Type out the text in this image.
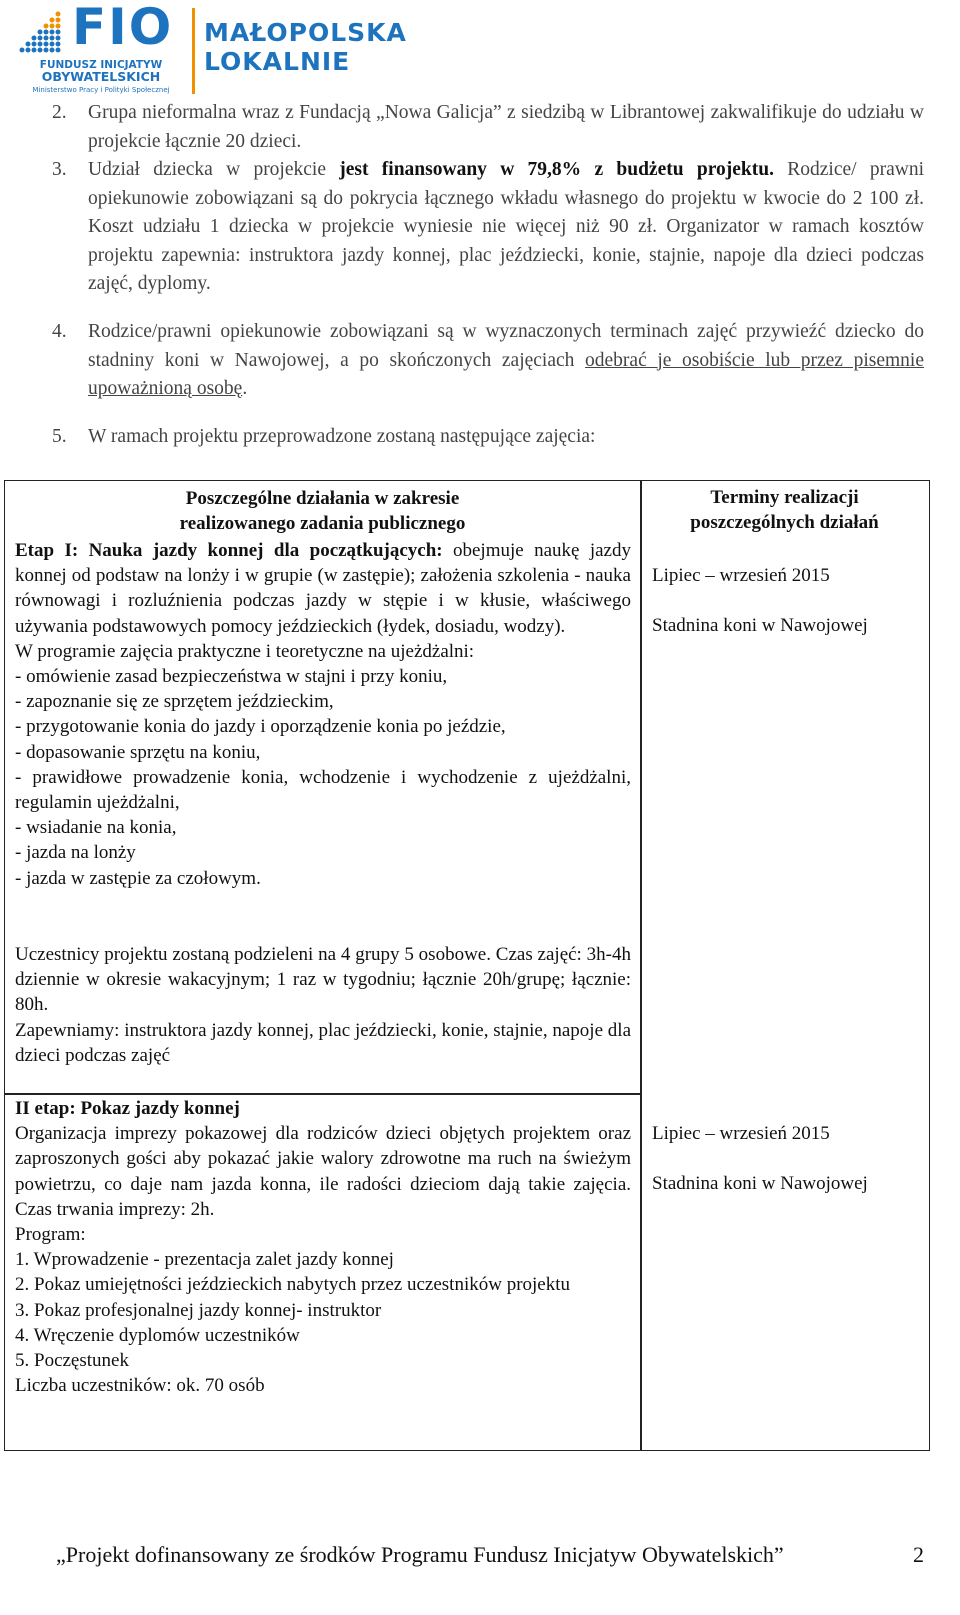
FIO
FUNDUSZ INICJATYW
OBYWATELSKICH
Ministerstwo Pracy i Polityki Społecznej
MAŁOPOLSKA
LOKALNIE
2. Grupa nieformalna wraz z Fundacją „Nowa Galicja” z siedzibą w Librantowej zakwalifikuje do udziału w projekcie łącznie 20 dzieci.
3. Udział dziecka w projekcie jest finansowany w 79,8% z budżetu projektu. Rodzice/ prawni opiekunowie zobowiązani są do pokrycia łącznego wkładu własnego do projektu w kwocie do 2 100 zł. Koszt udziału 1 dziecka w projekcie wyniesie nie więcej niż 90 zł. Organizator w ramach kosztów projektu zapewnia: instruktora jazdy konnej, plac jeździecki, konie, stajnie, napoje dla dzieci podczas zajęć, dyplomy.
4. Rodzice/prawni opiekunowie zobowiązani są w wyznaczonych terminach zajęć przywieźć dziecko do stadniny koni w Nawojowej, a po skończonych zajęciach odebrać je osobiście lub przez pisemnie upoważnioną osobę.
5. W ramach projektu przeprowadzone zostaną następujące zajęcia:
Poszczególne działania w zakresie
realizowanego zadania publicznego
Terminy realizacji
poszczególnych działań
Etap I: Nauka jazdy konnej dla początkujących: obejmuje naukę jazdy konnej od podstaw na lonży i w grupie (w zastępie); założenia szkolenia - nauka równowagi i rozluźnienia podczas jazdy w stępie i w kłusie, właściwego używania podstawowych pomocy jeździeckich (łydek, dosiadu, wodzy).
W programie zajęcia praktyczne i teoretyczne na ujeżdżalni:
- omówienie zasad bezpieczeństwa w stajni i przy koniu,
- zapoznanie się ze sprzętem jeździeckim,
- przygotowanie konia do jazdy i oporządzenie konia po jeździe,
- dopasowanie sprzętu na koniu,
- prawidłowe prowadzenie konia, wchodzenie i wychodzenie z ujeżdżalni, regulamin ujeżdżalni,
- wsiadanie na konia,
- jazda na lonży
- jazda w zastępie za czołowym.
Uczestnicy projektu zostaną podzieleni na 4 grupy 5 osobowe. Czas zajęć: 3h-4h dziennie w okresie wakacyjnym; 1 raz w tygodniu; łącznie 20h/grupę; łącznie: 80h.
Zapewniamy: instruktora jazdy konnej, plac jeździecki, konie, stajnie, napoje dla dzieci podczas zajęć
Lipiec – wrzesień 2015
Stadnina koni w Nawojowej
II etap: Pokaz jazdy konnej
Organizacja imprezy pokazowej dla rodziców dzieci objętych projektem oraz zaproszonych gości aby pokazać jakie walory zdrowotne ma ruch na świeżym powietrzu, co daje nam jazda konna, ile radości dzieciom dają takie zajęcia. Czas trwania imprezy: 2h.
Program:
1. Wprowadzenie - prezentacja zalet jazdy konnej
2. Pokaz umiejętności jeździeckich nabytych przez uczestników projektu
3. Pokaz profesjonalnej jazdy konnej- instruktor
4. Wręczenie dyplomów uczestników
5. Poczęstunek
Liczba uczestników: ok. 70 osób
Lipiec – wrzesień 2015
Stadnina koni w Nawojowej
„Projekt dofinansowany ze środków Programu Fundusz Inicjatyw Obywatelskich”	2
